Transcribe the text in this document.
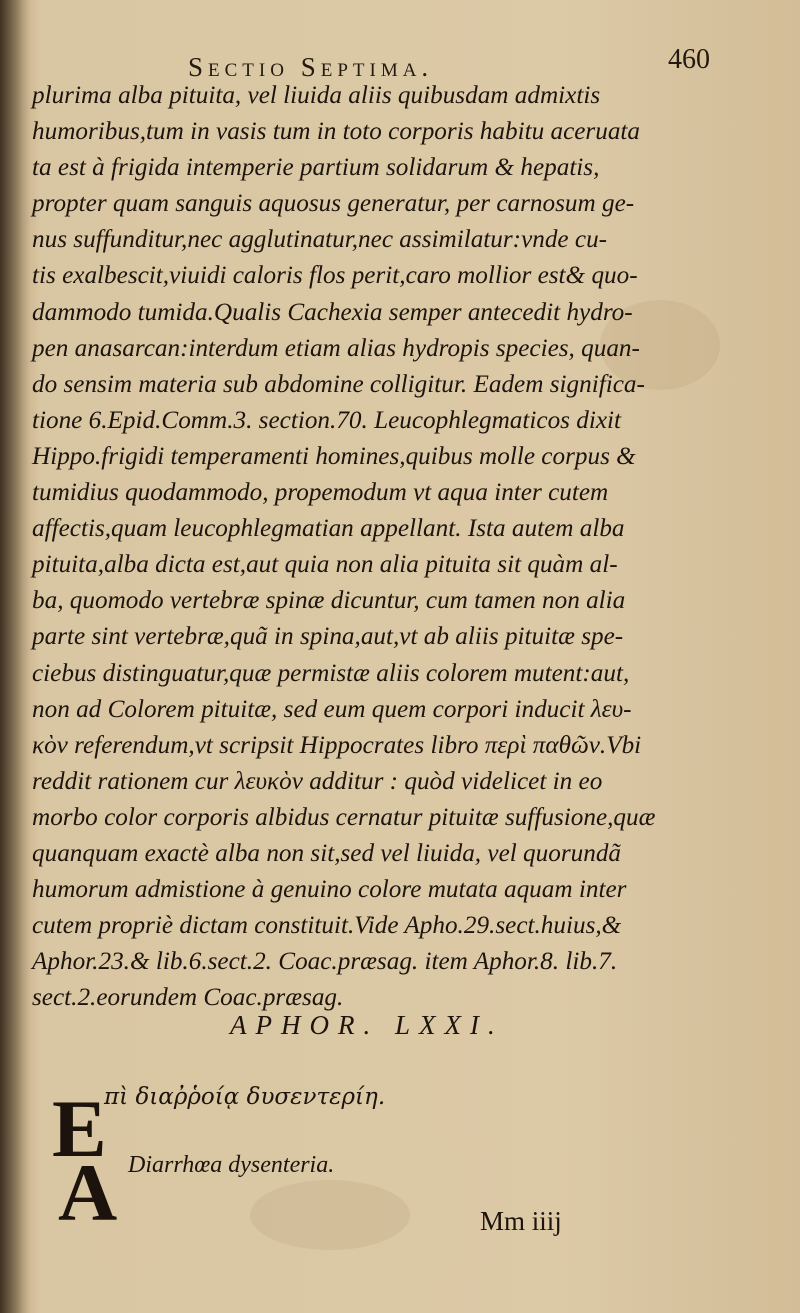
Sectio Septima.	460
plurima alba pituita, vel liuida aliis quibusdam admixtis
humoribus,tum in vasis tum in toto corporis habitu aceruata
ta est à frigida intemperie partium solidarum & hepatis,
propter quam sanguis aquosus generatur, per carnosum ge-
nus suffunditur,nec agglutinatur,nec assimilatur:vnde cu-
tis exalbescit,viuidi caloris flos perit,caro mollior est& quo-
dammodo tumida.Qualis Cachexia semper antecedit hydro-
pen anasarcan:interdum etiam alias hydropis species, quan-
do sensim materia sub abdomine colligitur. Eadem significa-
tione 6.Epid.Comm.3. section.70. Leucophlegmaticos dixit
Hippo.frigidi temperamenti homines,quibus molle corpus &
tumidius quodammodo, propemodum vt aqua inter cutem
affectis,quam leucophlegmatian appellant. Ista autem alba
pituita,alba dicta est,aut quia non alia pituita sit quàm al-
ba, quomodo vertebræ spinæ dicuntur, cum tamen non alia
parte sint vertebræ,quã in spina,aut,vt ab aliis pituitæ spe-
ciebus distinguatur,quæ permistæ aliis colorem mutent:aut,
non ad Colorem pituitæ, sed eum quem corpori inducit λευ-
κὸν referendum,vt scripsit Hippocrates libro περὶ παθῶν.Vbi
reddit rationem cur λευκὸν additur : quòd videlicet in eo
morbo color corporis albidus cernatur pituitæ suffusione,quæ
quanquam exactè alba non sit,sed vel liuida, vel quorundã
humorum admistione à genuino colore mutata aquam inter
cutem propriè dictam constituit.Vide Apho.29.sect.huius,&
Aphor.23.& lib.6.sect.2. Coac.præsag. item Aphor.8. lib.7.
sect.2.eorundem Coac.præsag.
APHOR. LXXI.
E
πὶ διαῤῥοίᾳ δυσεντερίη.
A Diarrhœa dysenteria.
Mm iiij
